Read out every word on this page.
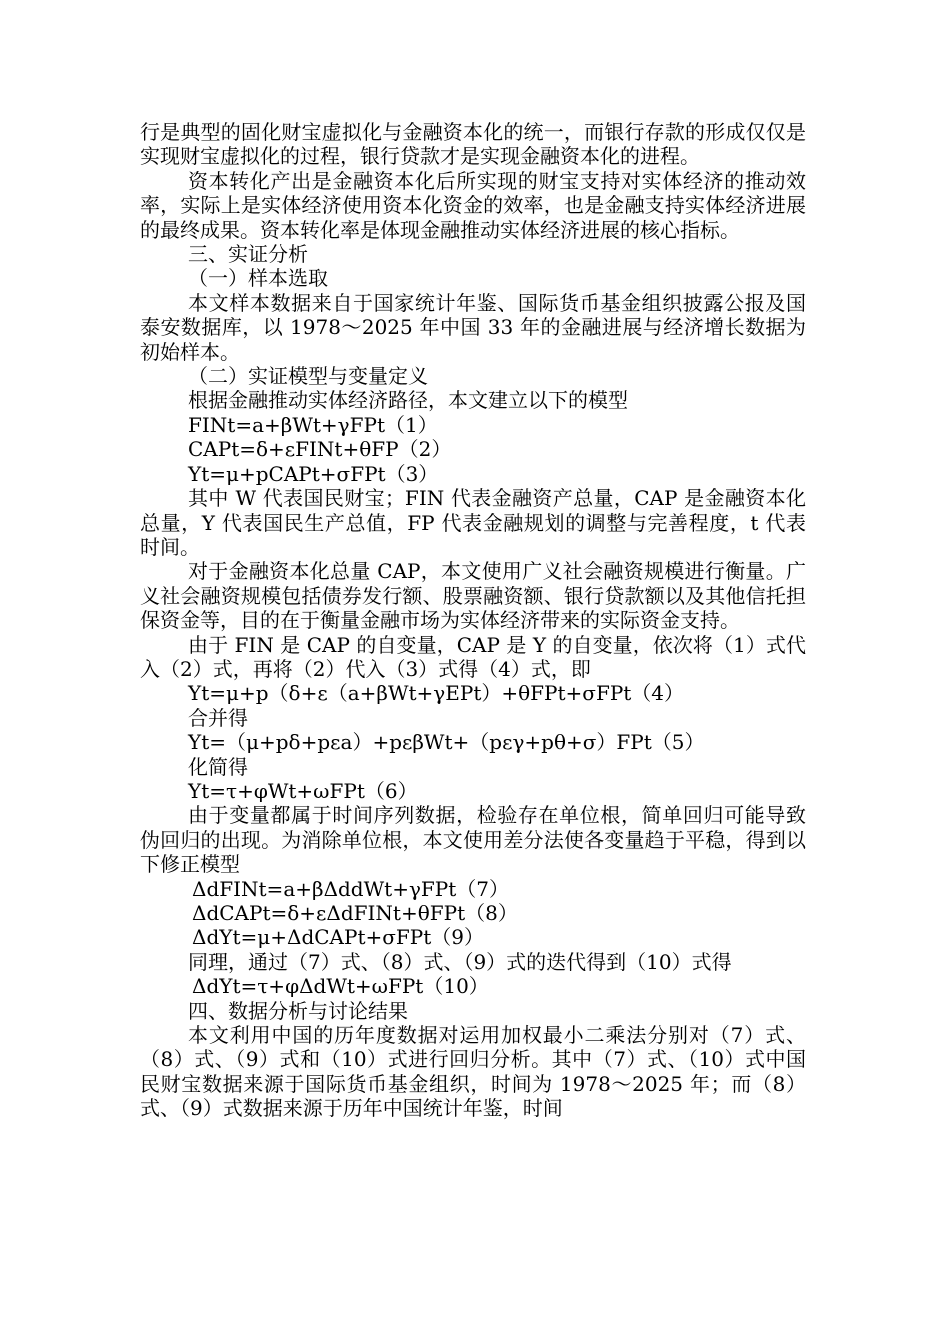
行是典型的固化财宝虚拟化与金融资本化的统一，而银行存款的形成仅仅是实现财宝虚拟化的过程，银行贷款才是实现金融资本化的进程。

资本转化产出是金融资本化后所实现的财宝支持对实体经济的推动效率，实际上是实体经济使用资本化资金的效率，也是金融支持实体经济进展的最终成果。资本转化率是体现金融推动实体经济进展的核心指标。

三、实证分析

（一）样本选取

本文样本数据来自于国家统计年鉴、国际货币基金组织披露公报及国泰安数据库，以 1978～2025 年中国 33 年的金融进展与经济增长数据为初始样本。

（二）实证模型与变量定义

根据金融推动实体经济路径，本文建立以下的模型

FINt=a+βWt+γFPt（1）

CAPt=δ+εFINt+θFP（2）

Yt=μ+pCAPt+σFPt（3）

其中 W 代表国民财宝；FIN 代表金融资产总量，CAP 是金融资本化总量，Y 代表国民生产总值，FP 代表金融规划的调整与完善程度，t 代表时间。

对于金融资本化总量 CAP，本文使用广义社会融资规模进行衡量。广义社会融资规模包括债券发行额、股票融资额、银行贷款额以及其他信托担保资金等，目的在于衡量金融市场为实体经济带来的实际资金支持。

由于 FIN 是 CAP 的自变量，CAP 是 Y 的自变量，依次将（1）式代入（2）式，再将（2）代入（3）式得（4）式，即

Yt=μ+p（δ+ε（a+βWt+γEPt）+θFPt+σFPt（4）

合并得

Yt=（μ+pδ+pεa）+pεβWt+（pεγ+pθ+σ）FPt（5）

化简得

Yt=τ+φWt+ωFPt（6）

由于变量都属于时间序列数据，检验存在单位根，简单回归可能导致伪回归的出现。为消除单位根，本文使用差分法使各变量趋于平稳，得到以下修正模型

ΔdFINt=a+βΔddWt+γFPt（7）

ΔdCAPt=δ+εΔdFINt+θFPt（8）

ΔdYt=μ+ΔdCAPt+σFPt（9）

同理，通过（7）式、（8）式、（9）式的迭代得到（10）式得

ΔdYt=τ+φΔdWt+ωFPt（10）

四、数据分析与讨论结果

本文利用中国的历年度数据对运用加权最小二乘法分别对（7）式、（8）式、（9）式和（10）式进行回归分析。其中（7）式、（10）式中国民财宝数据来源于国际货币基金组织，时间为 1978～2025 年；而（8）式、（9）式数据来源于历年中国统计年鉴，时间
